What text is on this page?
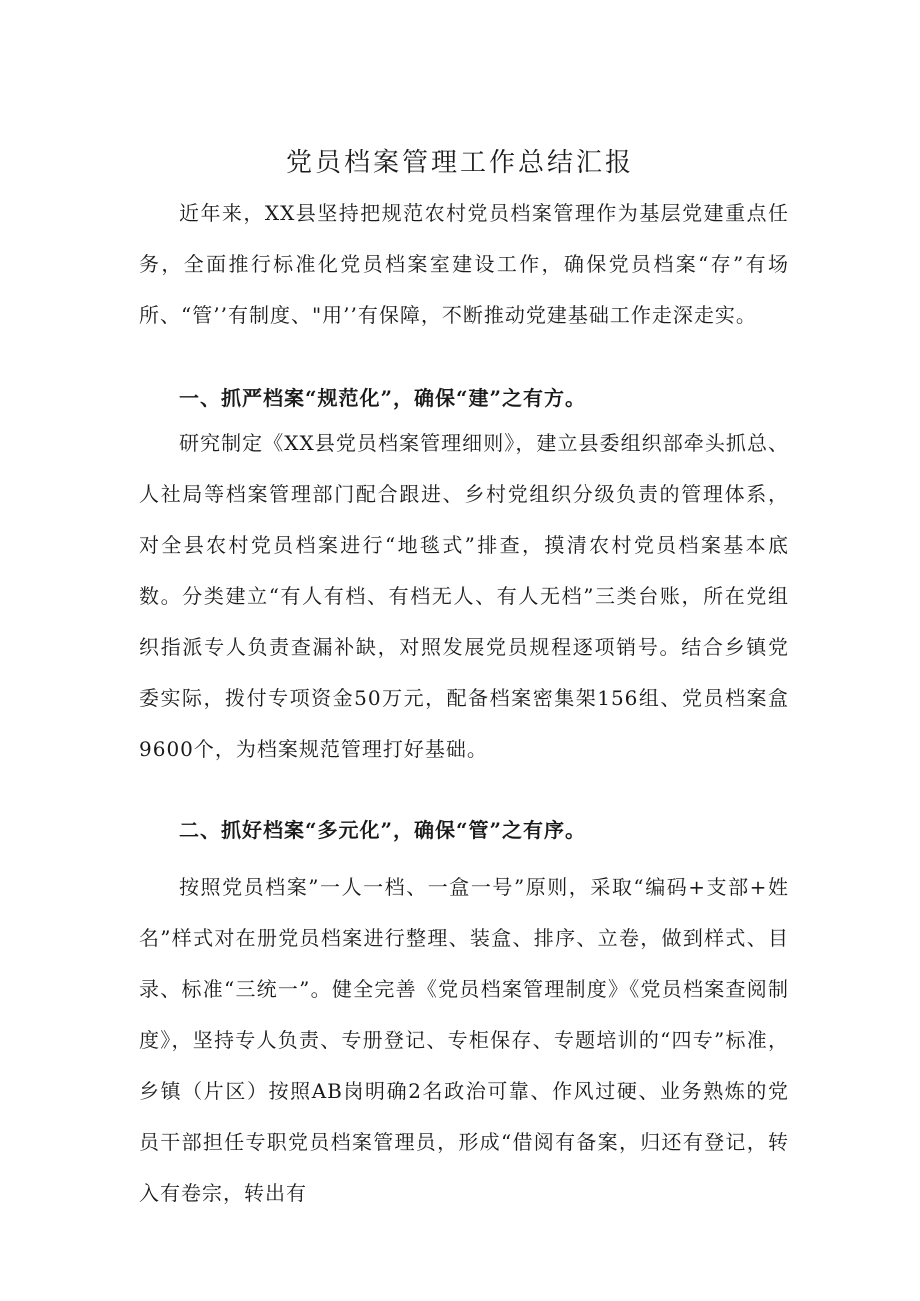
党员档案管理工作总结汇报

近年来，XX县坚持把规范农村党员档案管理作为基层党建重点任务，全面推行标准化党员档案室建设工作，确保党员档案“存”有场所、“管’’有制度、"用’’有保障，不断推动党建基础工作走深走实。

一、抓严档案“规范化”，确保“建”之有方。

研究制定《XX县党员档案管理细则》，建立县委组织部牵头抓总、人社局等档案管理部门配合跟进、乡村党组织分级负责的管理体系，对全县农村党员档案进行“地毯式”排查，摸清农村党员档案基本底数。分类建立“有人有档、有档无人、有人无档”三类台账，所在党组织指派专人负责查漏补缺，对照发展党员规程逐项销号。结合乡镇党委实际，拨付专项资金50万元，配备档案密集架156组、党员档案盒9600个，为档案规范管理打好基础。

二、抓好档案“多元化”，确保“管”之有序。

按照党员档案”一人一档、一盒一号”原则，采取“编码+支部+姓名”样式对在册党员档案进行整理、装盒、排序、立卷，做到样式、目录、标准“三统一”。健全完善《党员档案管理制度》《党员档案查阅制度》，坚持专人负责、专册登记、专柜保存、专题培训的“四专”标准，乡镇（片区）按照AB岗明确2名政治可靠、作风过硬、业务熟炼的党员干部担任专职党员档案管理员，形成“借阅有备案，归还有登记，转入有卷宗，转出有
